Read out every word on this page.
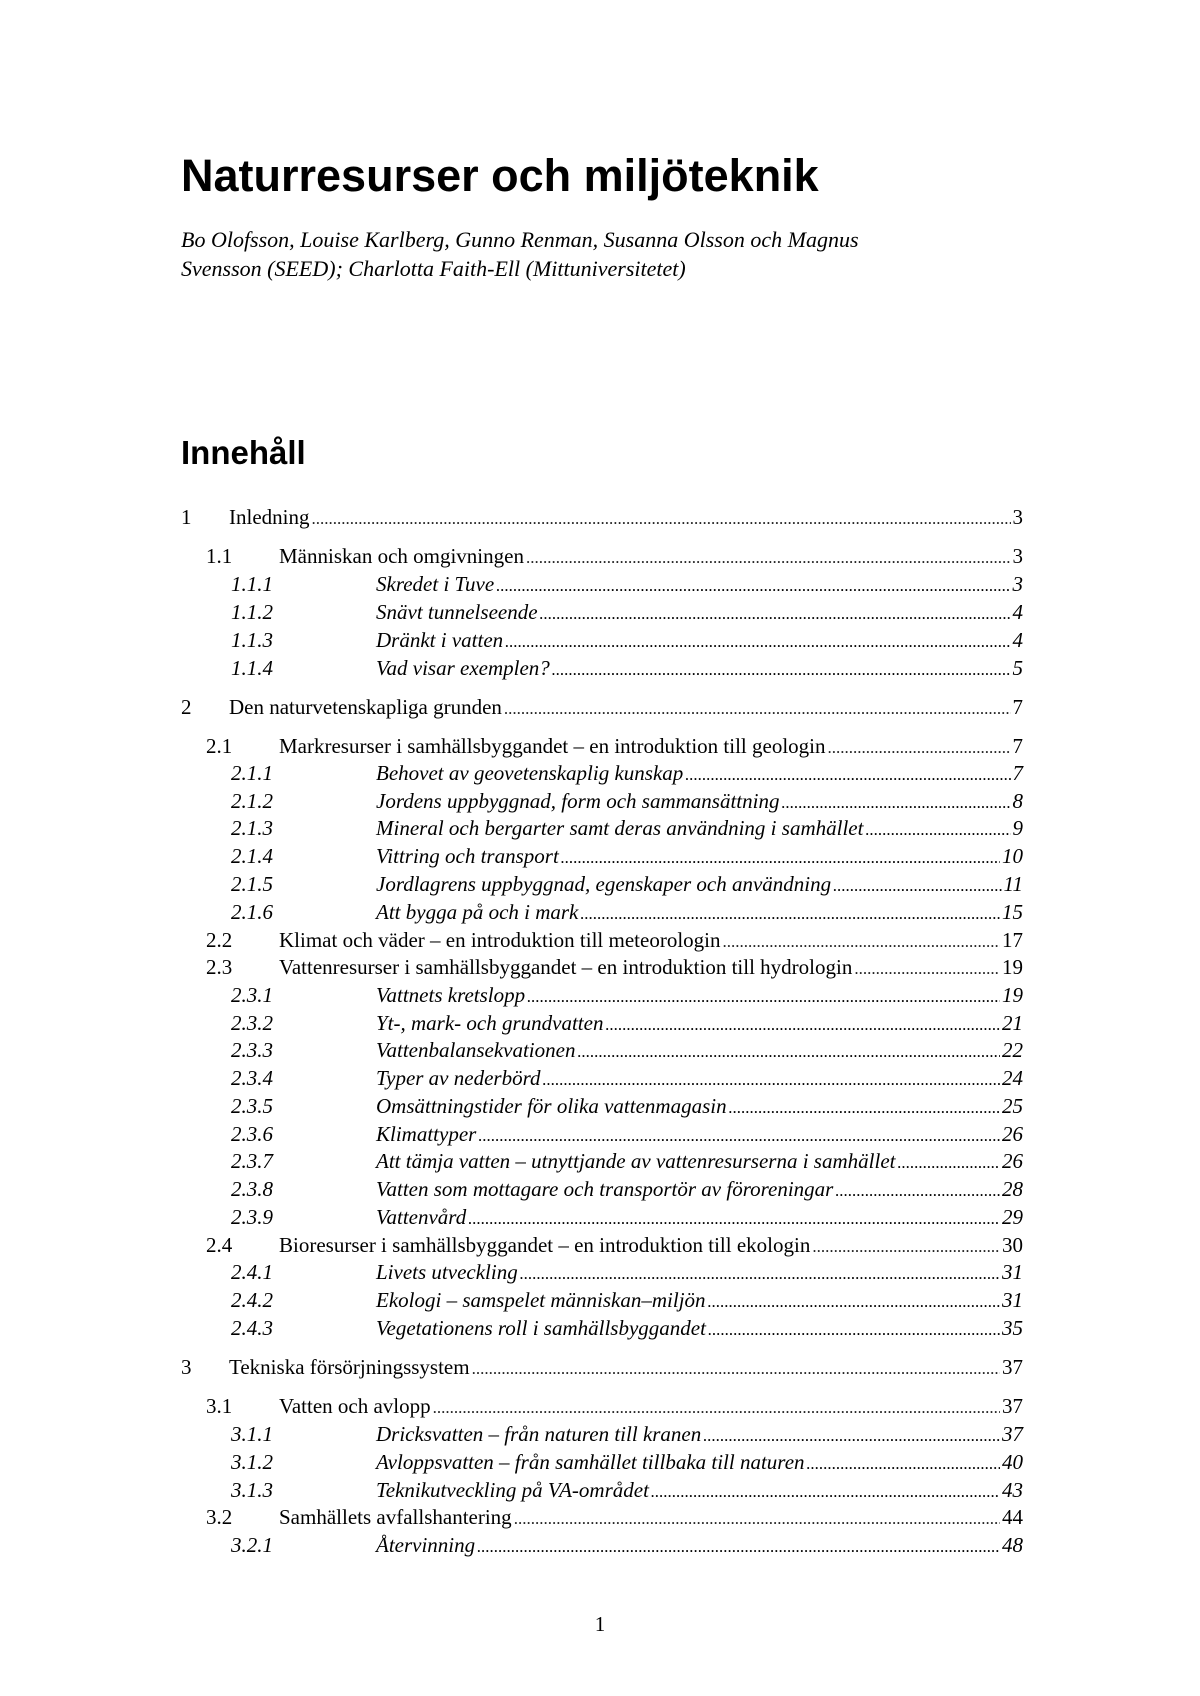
Naturresurser och miljöteknik
Bo Olofsson, Louise Karlberg, Gunno Renman, Susanna Olsson och Magnus
Svensson (SEED); Charlotta Faith-Ell (Mittuniversitetet)
Innehåll
1	Inledning .....	3
1.1	Människan och omgivningen .....	3
1.1.1	Skredet i Tuve .....	3
1.1.2	Snävt tunnelseende .....	4
1.1.3	Dränkt i vatten .....	4
1.1.4	Vad visar exemplen? .....	5
2	Den naturvetenskapliga grunden .....	7
2.1	Markresurser i samhällsbyggandet – en introduktion till geologin .....	7
2.1.1	Behovet av geovetenskaplig kunskap .....	7
2.1.2	Jordens uppbyggnad, form och sammansättning .....	8
2.1.3	Mineral och bergarter samt deras användning i samhället .....	9
2.1.4	Vittring och transport .....	10
2.1.5	Jordlagrens uppbyggnad, egenskaper och användning .....	11
2.1.6	Att bygga på och i mark .....	15
2.2	Klimat och väder – en introduktion till meteorologin .....	17
2.3	Vattenresurser i samhällsbyggandet – en introduktion till hydrologin .....	19
2.3.1	Vattnets kretslopp .....	19
2.3.2	Yt-, mark- och grundvatten .....	21
2.3.3	Vattenbalansekvationen .....	22
2.3.4	Typer av nederbörd .....	24
2.3.5	Omsättningstider för olika vattenmagasin .....	25
2.3.6	Klimattyper .....	26
2.3.7	Att tämja vatten – utnyttjande av vattenresurserna i samhället .....	26
2.3.8	Vatten som mottagare och transportör av föroreningar .....	28
2.3.9	Vattenvård .....	29
2.4	Bioresurser i samhällsbyggandet – en introduktion till ekologin .....	30
2.4.1	Livets utveckling .....	31
2.4.2	Ekologi – samspelet människan–miljön .....	31
2.4.3	Vegetationens roll i samhällsbyggandet .....	35
3	Tekniska försörjningssystem .....	37
3.1	Vatten och avlopp .....	37
3.1.1	Dricksvatten – från naturen till kranen .....	37
3.1.2	Avloppsvatten – från samhället tillbaka till naturen .....	40
3.1.3	Teknikutveckling på VA-området .....	43
3.2	Samhällets avfallshantering .....	44
3.2.1	Återvinning .....	48
1
